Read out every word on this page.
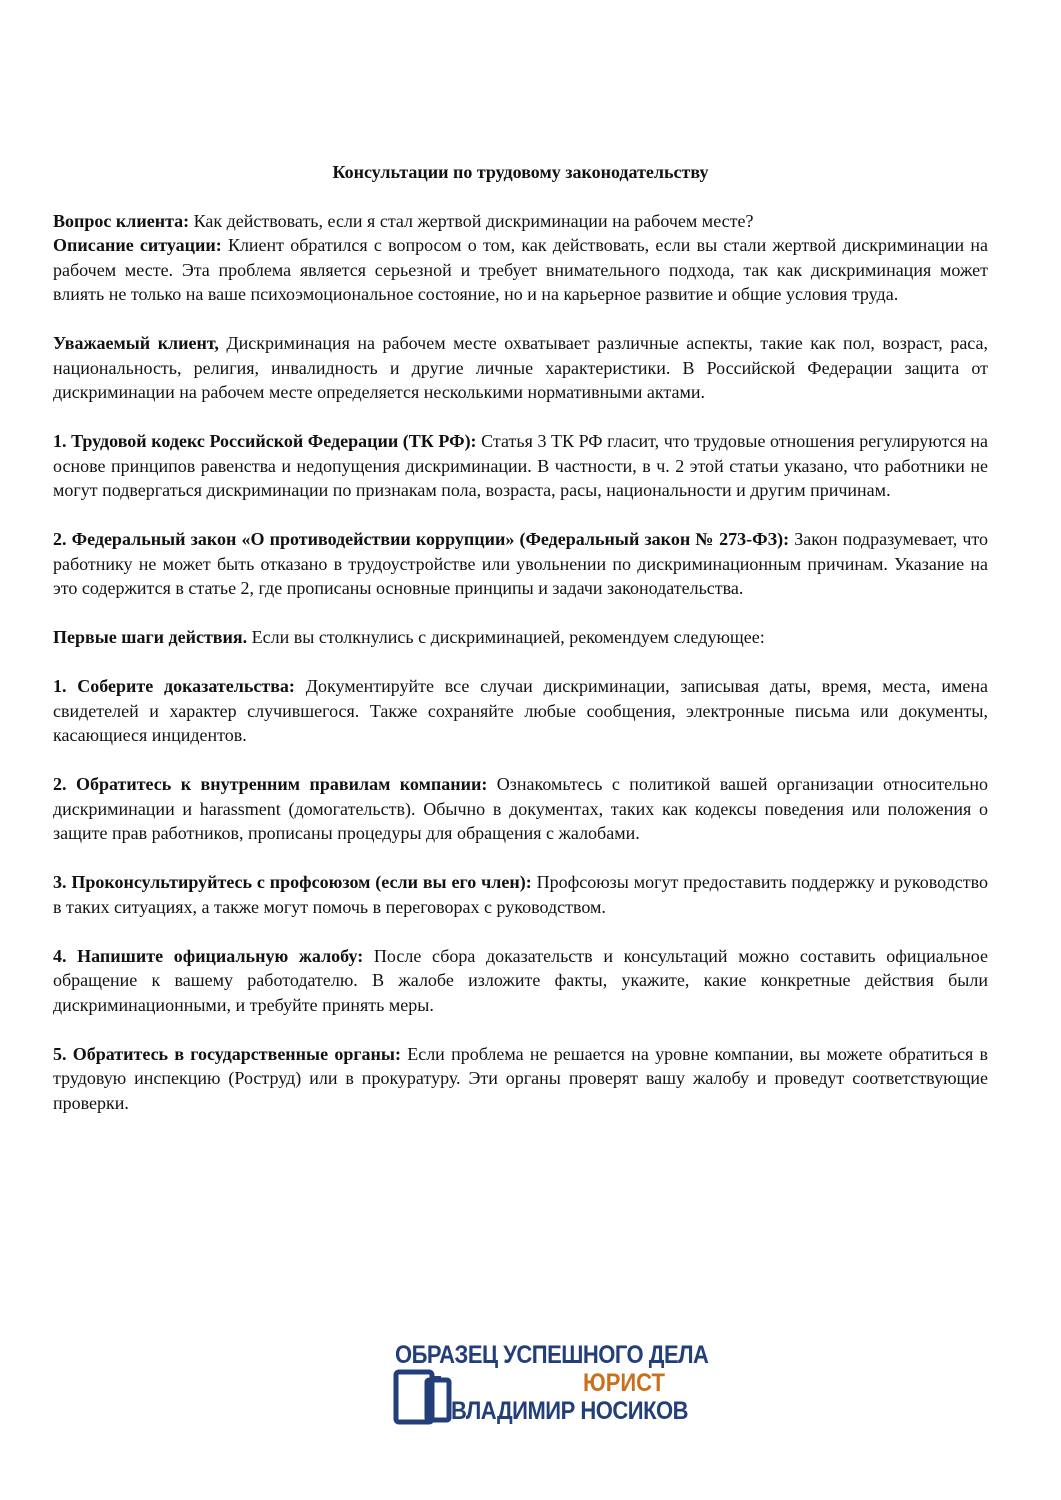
Консультации по трудовому законодательству

Вопрос клиента: Как действовать, если я стал жертвой дискриминации на рабочем месте?

Описание ситуации: Клиент обратился с вопросом о том, как действовать, если вы стали жертвой дискриминации на рабочем месте. Эта проблема является серьезной и требует внимательного подхода, так как дискриминация может влиять не только на ваше психоэмоциональное состояние, но и на карьерное развитие и общие условия труда.

Уважаемый клиент, Дискриминация на рабочем месте охватывает различные аспекты, такие как пол, возраст, раса, национальность, религия, инвалидность и другие личные характеристики. В Российской Федерации защита от дискриминации на рабочем месте определяется несколькими нормативными актами.

1. Трудовой кодекс Российской Федерации (ТК РФ): Статья 3 ТК РФ гласит, что трудовые отношения регулируются на основе принципов равенства и недопущения дискриминации. В частности, в ч. 2 этой статьи указано, что работники не могут подвергаться дискриминации по признакам пола, возраста, расы, национальности и другим причинам.

2. Федеральный закон «О противодействии коррупции» (Федеральный закон № 273-ФЗ): Закон подразумевает, что работнику не может быть отказано в трудоустройстве или увольнении по дискриминационным причинам. Указание на это содержится в статье 2, где прописаны основные принципы и задачи законодательства.

Первые шаги действия. Если вы столкнулись с дискриминацией, рекомендуем следующее:

1. Соберите доказательства: Документируйте все случаи дискриминации, записывая даты, время, места, имена свидетелей и характер случившегося. Также сохраняйте любые сообщения, электронные письма или документы, касающиеся инцидентов.

2. Обратитесь к внутренним правилам компании: Ознакомьтесь с политикой вашей организации относительно дискриминации и harassment (домогательств). Обычно в документах, таких как кодексы поведения или положения о защите прав работников, прописаны процедуры для обращения с жалобами.

3. Проконсультируйтесь с профсоюзом (если вы его член): Профсоюзы могут предоставить поддержку и руководство в таких ситуациях, а также могут помочь в переговорах с руководством.

4. Напишите официальную жалобу: После сбора доказательств и консультаций можно составить официальное обращение к вашему работодателю. В жалобе изложите факты, укажите, какие конкретные действия были дискриминационными, и требуйте принять меры.

5. Обратитесь в государственные органы: Если проблема не решается на уровне компании, вы можете обратиться в трудовую инспекцию (Роструд) или в прокуратуру. Эти органы проверят вашу жалобу и проведут соответствующие проверки.

ОБРАЗЕЦ УСПЕШНОГО ДЕЛА
ЮРИСТ
ВЛАДИМИР НОСИКОВ
